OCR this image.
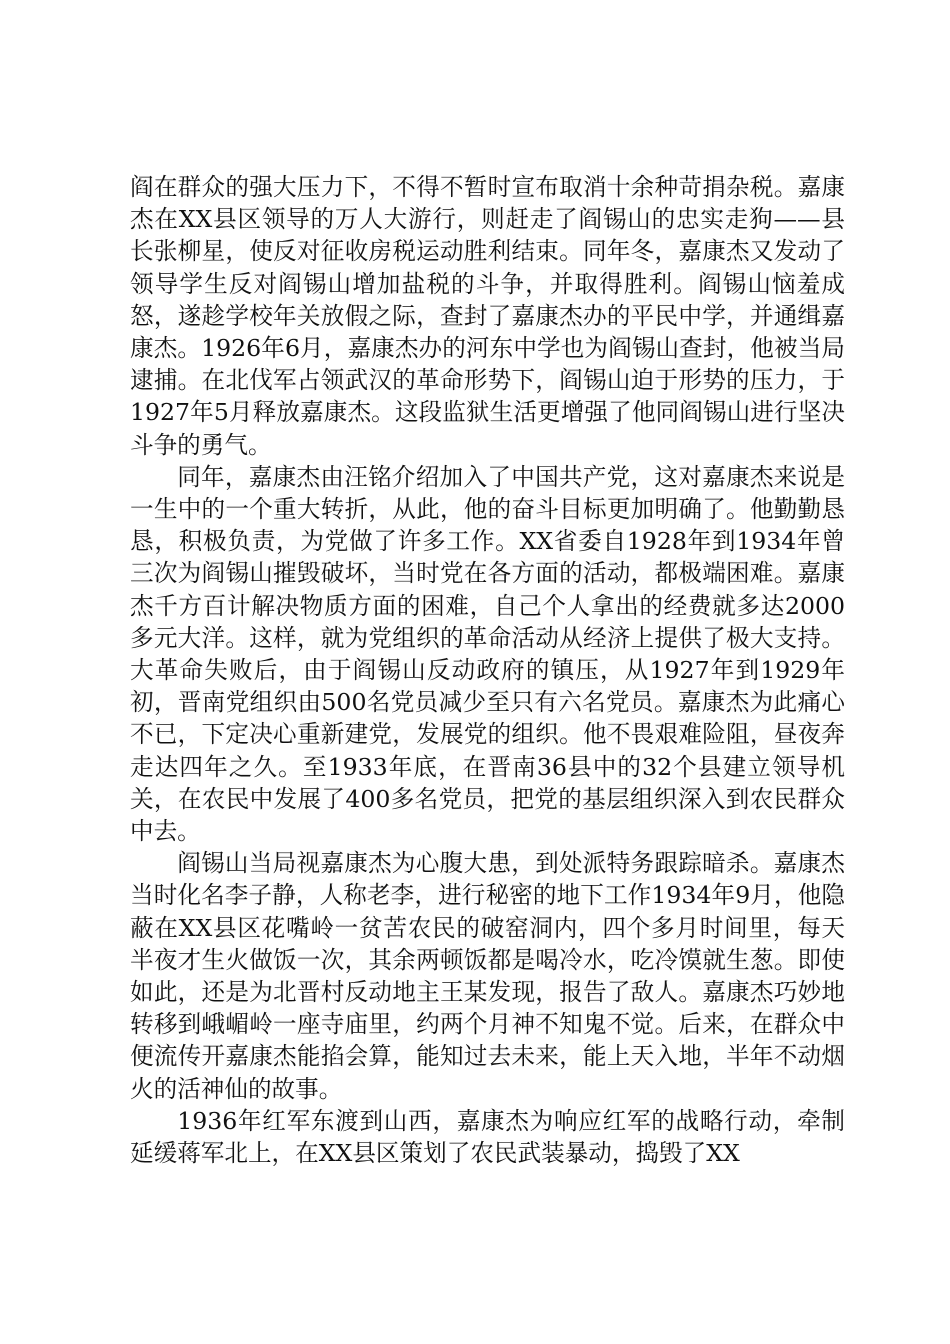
阎在群众的强大压力下，不得不暂时宣布取消十余种苛捐杂税。嘉康杰在XX县区领导的万人大游行，则赶走了阎锡山的忠实走狗——县长张柳星，使反对征收房税运动胜利结束。同年冬，嘉康杰又发动了领导学生反对阎锡山增加盐税的斗争，并取得胜利。阎锡山恼羞成怒，遂趁学校年关放假之际，查封了嘉康杰办的平民中学，并通缉嘉康杰。1926年6月，嘉康杰办的河东中学也为阎锡山查封，他被当局逮捕。在北伐军占领武汉的革命形势下，阎锡山迫于形势的压力，于1927年5月释放嘉康杰。这段监狱生活更增强了他同阎锡山进行坚决斗争的勇气。

同年，嘉康杰由汪铭介绍加入了中国共产党，这对嘉康杰来说是一生中的一个重大转折，从此，他的奋斗目标更加明确了。他勤勤恳恳，积极负责，为党做了许多工作。XX省委自1928年到1934年曾三次为阎锡山摧毁破坏，当时党在各方面的活动，都极端困难。嘉康杰千方百计解决物质方面的困难，自己个人拿出的经费就多达2000多元大洋。这样，就为党组织的革命活动从经济上提供了极大支持。大革命失败后，由于阎锡山反动政府的镇压，从1927年到1929年初，晋南党组织由500名党员减少至只有六名党员。嘉康杰为此痛心不已，下定决心重新建党，发展党的组织。他不畏艰难险阻，昼夜奔走达四年之久。至1933年底，在晋南36县中的32个县建立领导机关，在农民中发展了400多名党员，把党的基层组织深入到农民群众中去。

阎锡山当局视嘉康杰为心腹大患，到处派特务跟踪暗杀。嘉康杰当时化名李子静，人称老李，进行秘密的地下工作1934年9月，他隐蔽在XX县区花嘴岭一贫苦农民的破窑洞内，四个多月时间里，每天半夜才生火做饭一次，其余两顿饭都是喝冷水，吃冷馍就生葱。即使如此，还是为北晋村反动地主王某发现，报告了敌人。嘉康杰巧妙地转移到峨嵋岭一座寺庙里，约两个月神不知鬼不觉。后来，在群众中便流传开嘉康杰能掐会算，能知过去未来，能上天入地，半年不动烟火的活神仙的故事。

1936年红军东渡到山西，嘉康杰为响应红军的战略行动，牵制延缓蒋军北上，在XX县区策划了农民武装暴动，捣毁了XX
